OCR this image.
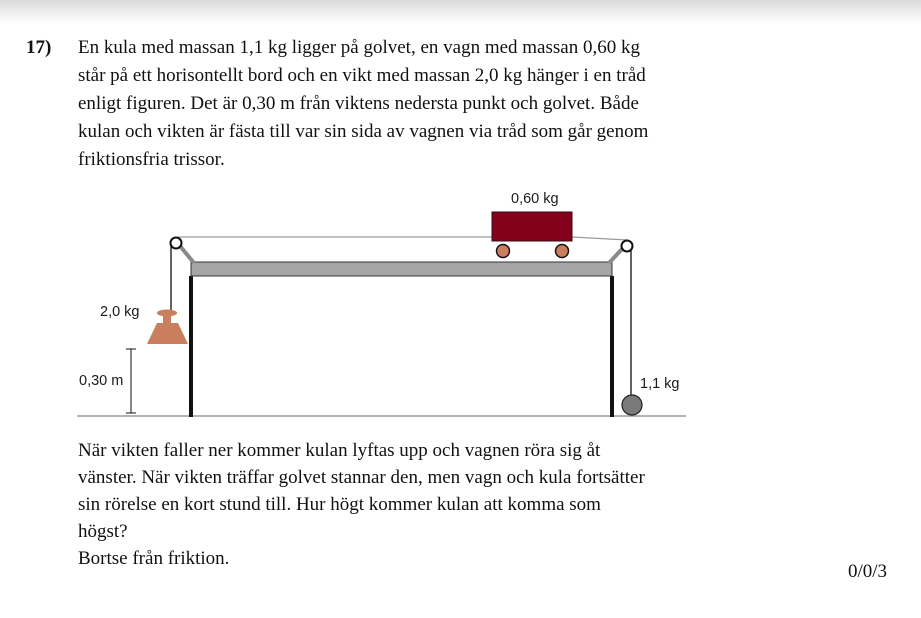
17) En kula med massan 1,1 kg ligger på golvet, en vagn med massan 0,60 kg
står på ett horisontellt bord och en vikt med massan 2,0 kg hänger i en tråd
enligt figuren. Det är 0,30 m från viktens nedersta punkt och golvet. Både
kulan och vikten är fästa till var sin sida av vagnen via tråd som går genom
friktionsfria trissor.
0,60 kg
2,0 kg
0,30 m	1,1 kg
När vikten faller ner kommer kulan lyftas upp och vagnen röra sig åt
vänster. När vikten träffar golvet stannar den, men vagn och kula fortsätter
sin rörelse en kort stund till. Hur högt kommer kulan att komma som
högst?
Bortse från friktion.
0/0/3
